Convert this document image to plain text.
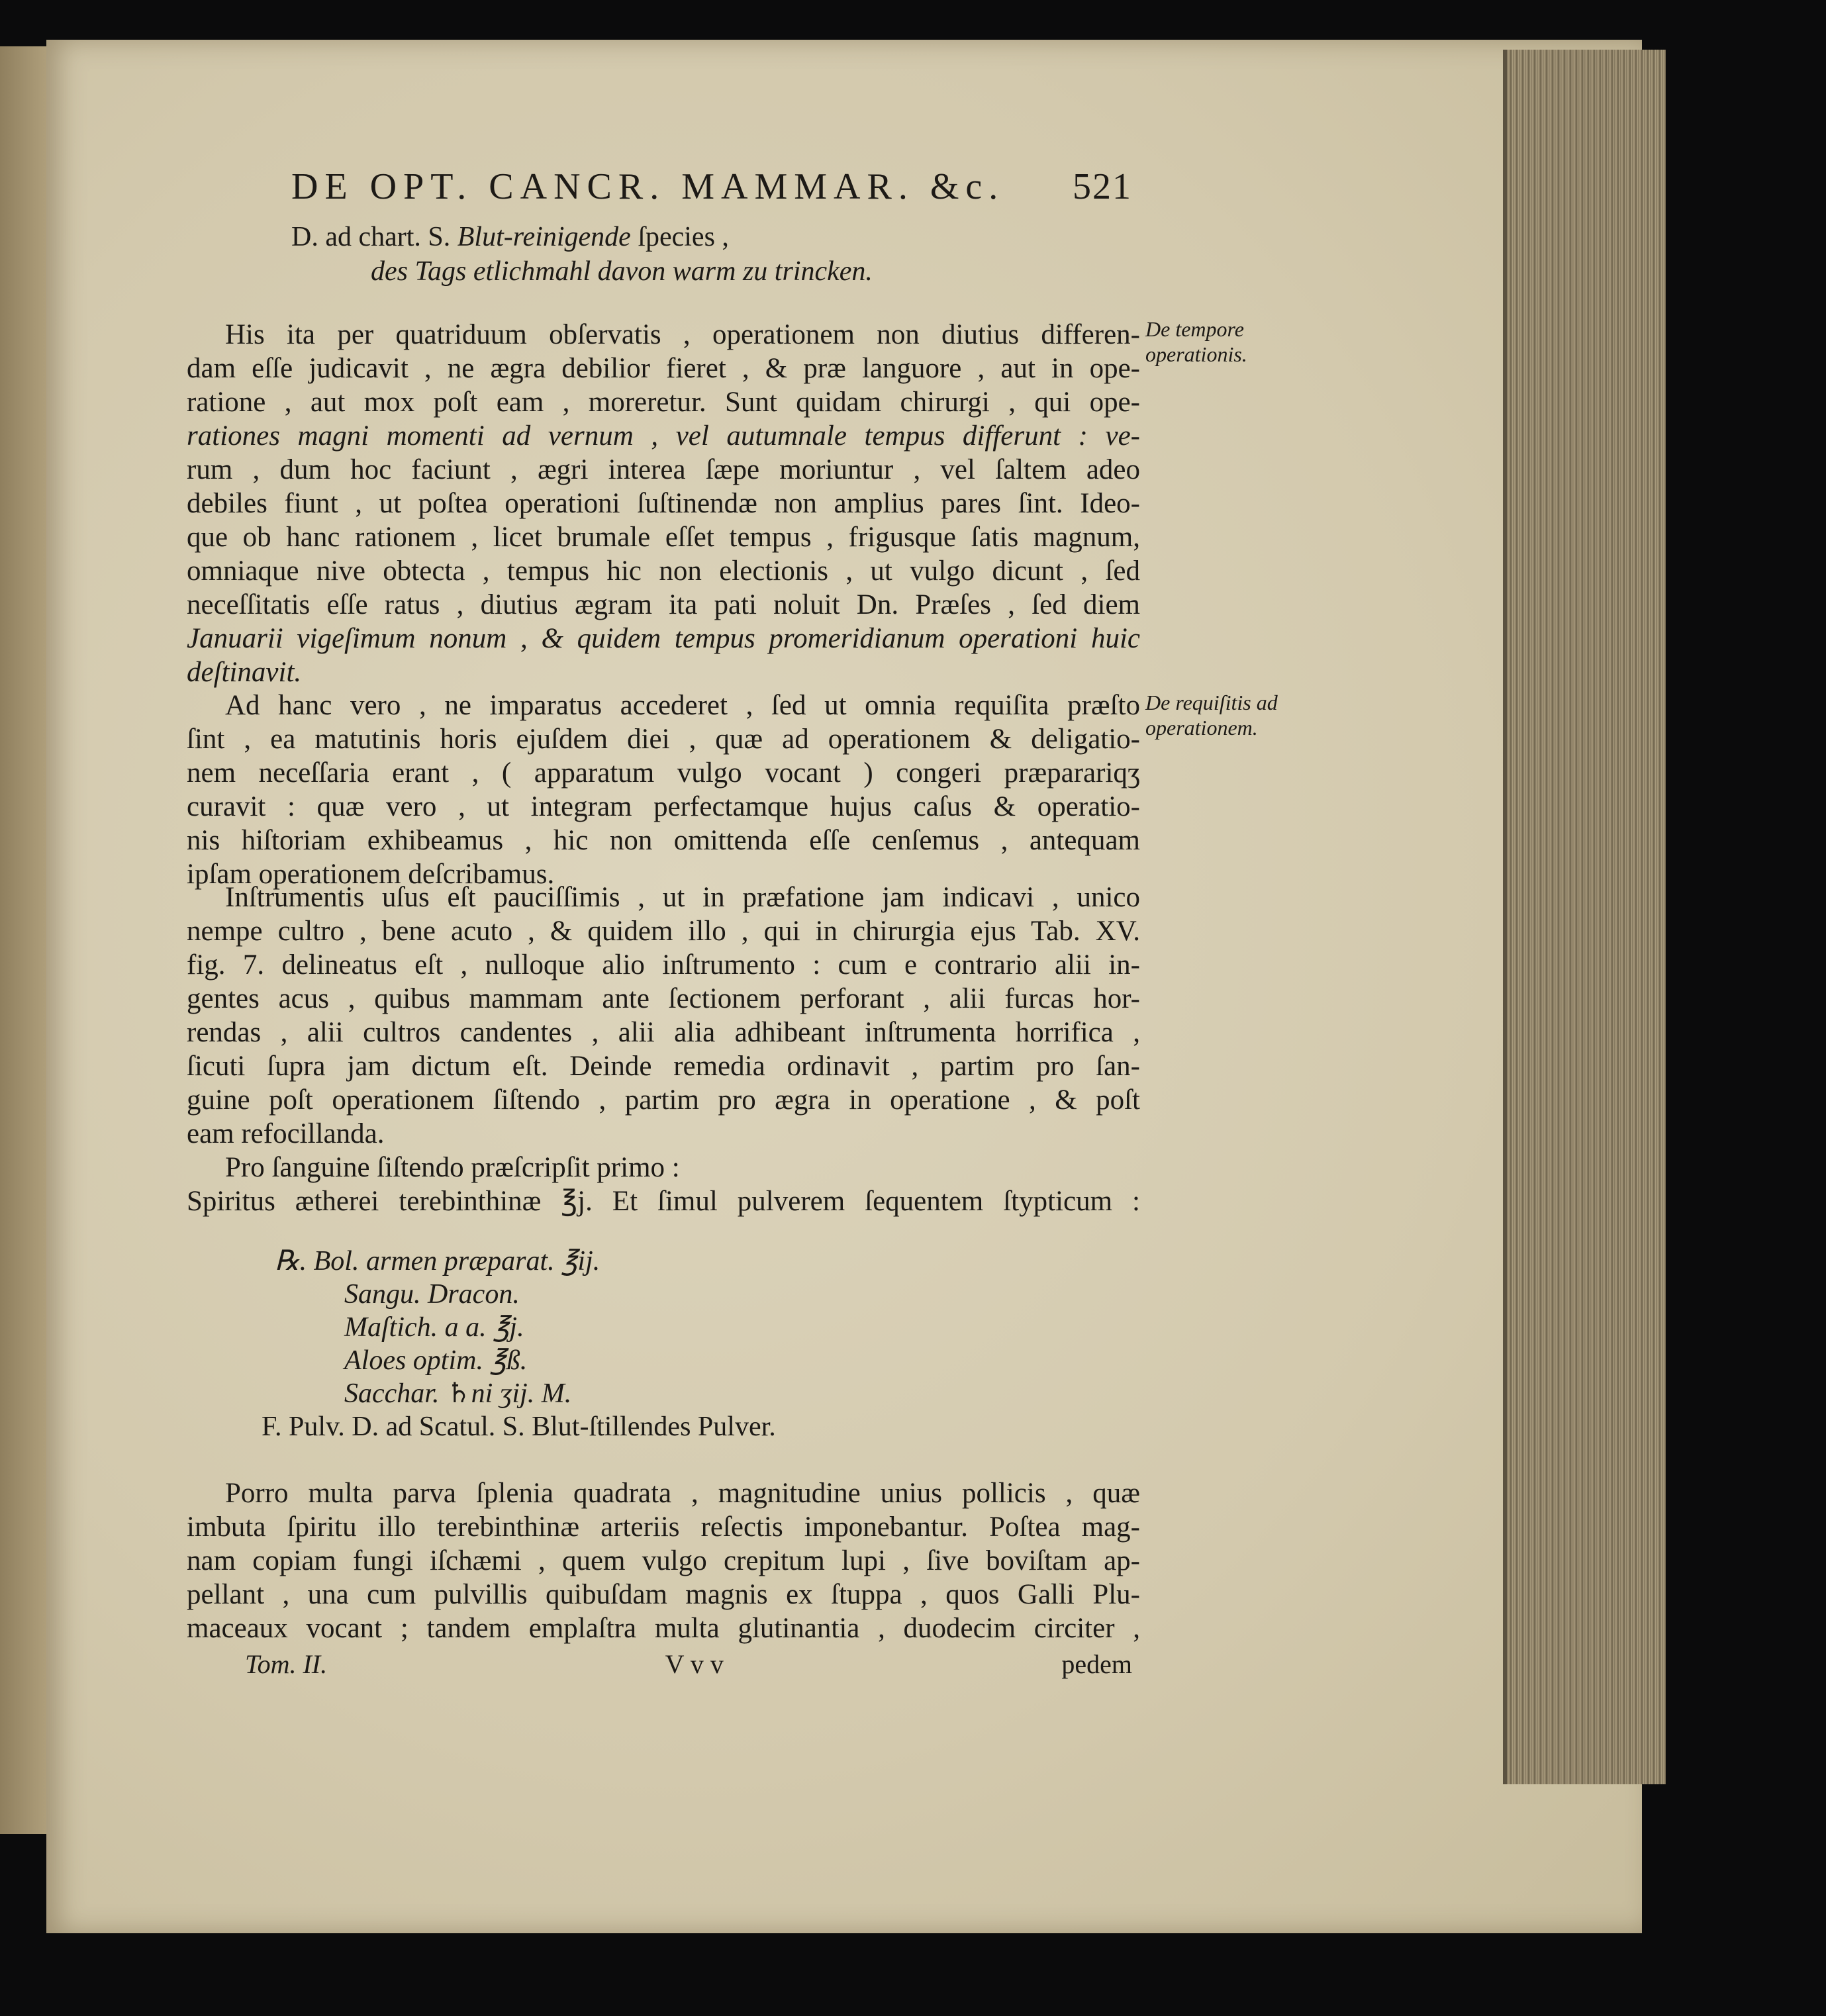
DE OPT. CANCR. MAMMAR. &c. 521
D. ad chart. S. Blut-reinigende ſpecies ,
des Tags etlichmahl davon warm zu trincken.
De tempore operationis.
De requiſitis ad operationem.
His ita per quatriduum obſervatis , operationem non diutius differen-
dam eſſe judicavit , ne ægra debilior fieret , & præ languore , aut in ope-
ratione , aut mox poſt eam , moreretur. Sunt quidam chirurgi , qui ope-
rationes magni momenti ad vernum , vel autumnale tempus differunt : ve-
rum , dum hoc faciunt , ægri interea ſæpe moriuntur , vel ſaltem adeo
debiles fiunt , ut poſtea operationi ſuſtinendæ non amplius pares ſint. Ideo-
que ob hanc rationem , licet brumale eſſet tempus , frigusque ſatis magnum,
omniaque nive obtecta , tempus hic non electionis , ut vulgo dicunt , ſed
neceſſitatis eſſe ratus , diutius ægram ita pati noluit Dn. Præſes , ſed diem
Januarii vigeſimum nonum , & quidem tempus promeridianum operationi huic
deſtinavit.
Ad hanc vero , ne imparatus accederet , ſed ut omnia requiſita præſto
ſint , ea matutinis horis ejuſdem diei , quæ ad operationem & deligatio-
nem neceſſaria erant , ( apparatum vulgo vocant ) congeri præparariqʒ
curavit : quæ vero , ut integram perfectamque hujus caſus & operatio-
nis hiſtoriam exhibeamus , hic non omittenda eſſe cenſemus , antequam
ipſam operationem deſcribamus.
Inſtrumentis uſus eſt pauciſſimis , ut in præfatione jam indicavi , unico
nempe cultro , bene acuto , & quidem illo , qui in chirurgia ejus Tab. XV.
fig. 7. delineatus eſt , nulloque alio inſtrumento : cum e contrario alii in-
gentes acus , quibus mammam ante ſectionem perforant , alii furcas hor-
rendas , alii cultros candentes , alii alia adhibeant inſtrumenta horrifica ,
ſicuti ſupra jam dictum eſt. Deinde remedia ordinavit , partim pro ſan-
guine poſt operationem ſiſtendo , partim pro ægra in operatione , & poſt
eam refocillanda.
Pro ſanguine ſiſtendo præſcripſit primo :
Spiritus ætherei terebinthinæ ℥j. Et ſimul pulverem ſequentem ſtypticum :
℞. Bol. armen præparat. ℥ij.
Sangu. Dracon.
Maſtich. a a. ℥j.
Aloes optim. ℥ß.
Sacchar. ♄ni ʒij. M.
F. Pulv. D. ad Scatul. S. Blut-ſtillendes Pulver.
Porro multa parva ſplenia quadrata , magnitudine unius pollicis , quæ
imbuta ſpiritu illo terebinthinæ arteriis reſectis imponebantur. Poſtea mag-
nam copiam fungi iſchæmi , quem vulgo crepitum lupi , ſive boviſtam ap-
pellant , una cum pulvillis quibuſdam magnis ex ſtuppa , quos Galli Plu-
maceaux vocant ; tandem emplaſtra multa glutinantia , duodecim circiter ,
Tom. II.	V v v	pedem
